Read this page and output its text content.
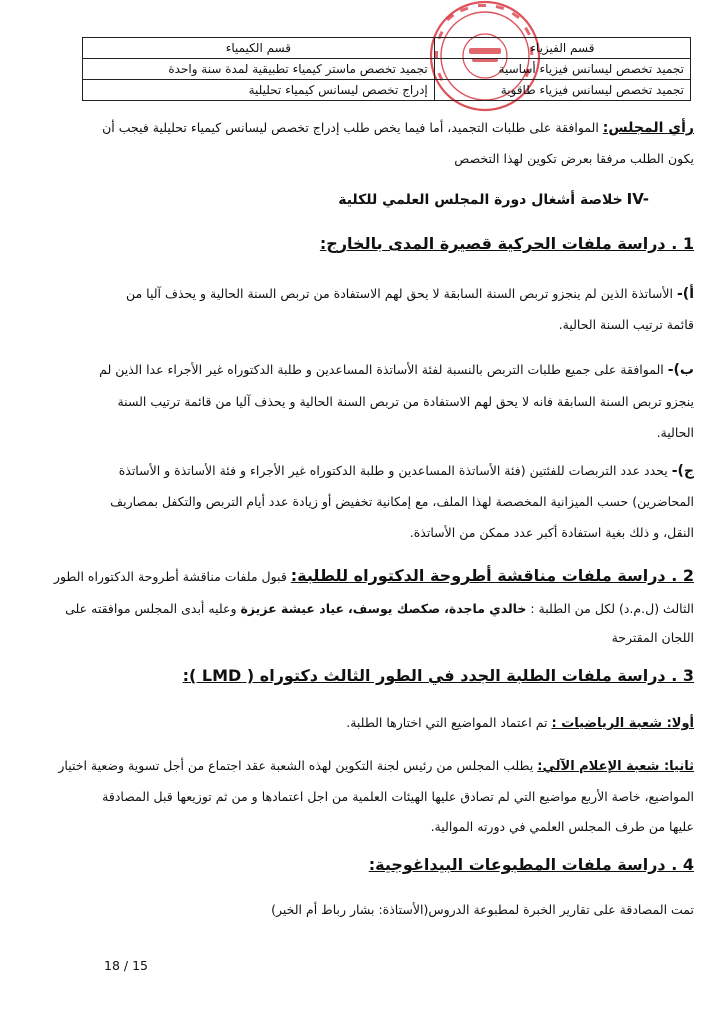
قسم الفيزياء	قسم الكيمياء
تجميد تخصص ليسانس فيزياء أساسية	تجميد تخصص ماستر كيمياء تطبيقية لمدة سنة واحدة
تجميد تخصص ليسانس فيزياء طاقوية	إدراج تخصص ليسانس كيمياء تحليلية
رأي المجلس: الموافقة على طلبات التجميد، أما فيما يخص طلب إدراج تخصص ليسانس كيمياء تحليلية فيجب أن
يكون الطلب مرفقا بعرض تكوين لهذا التخصص
IV- خلاصة أشغال دورة المجلس العلمي للكلية
1 . دراسة ملفات الحركية قصيرة المدى بالخارج:
أ)- الأساتذة الذين لم ينجزو تربص السنة السابقة لا يحق لهم الاستفادة من تربص السنة الحالية و يحذف آليا من
قائمة ترتيب السنة الحالية.
ب)- الموافقة على جميع طلبات التربص بالنسبة لفئة الأساتذة المساعدين و طلبة الدكتوراه غير الأجراء عدا الذين لم
ينجزو تربص السنة السابقة فانه لا يحق لهم الاستفادة من تربص السنة الحالية و يحذف آليا من قائمة ترتيب السنة
الحالية.
ج)- يحدد عدد التربصات للفئتين (فئة الأساتذة المساعدين و طلبة الدكتوراه غير الأجراء و فئة الأساتذة و الأساتذة
المحاضرين) حسب الميزانية المخصصة لهذا الملف، مع إمكانية تخفيض أو زيادة عدد أيام التربص والتكفل بمصاريف
النقل، و ذلك بغية استفادة أكبر عدد ممكن من الأساتذة.
2 . دراسة ملفات مناقشة أطروحة الدكتوراه للطلبة: قبول ملفات مناقشة أطروحة الدكتوراه الطور
الثالث (ل.م.د) لكل من الطلبة : خالدي ماجدة، صكصك يوسف، عياد عيشة عزيزة وعليه أبدى المجلس موافقته على
اللجان المقترحة
3 . دراسة ملفات الطلبة الجدد في الطور الثالث دكتوراه ( LMD ):
أولا: شعبة الرياضيات : تم اعتماد المواضيع التي اختارها الطلبة.
ثانيا: شعبة الإعلام الآلي: يطلب المجلس من رئيس لجنة التكوين لهذه الشعبة عقد اجتماع من أجل تسوية وضعية اختيار
المواضيع، خاصة الأربع مواضيع التي لم تصادق عليها الهيئات العلمية من اجل اعتمادها و من ثم توزيعها قبل المصادقة
عليها من طرف المجلس العلمي في دورته الموالية.
4 . دراسة ملفات المطبوعات البيداغوجية:
تمت المصادقة على تقارير الخبرة لمطبوعة الدروس(الأستاذة: بشار رباط أم الخير)
18 / 15
